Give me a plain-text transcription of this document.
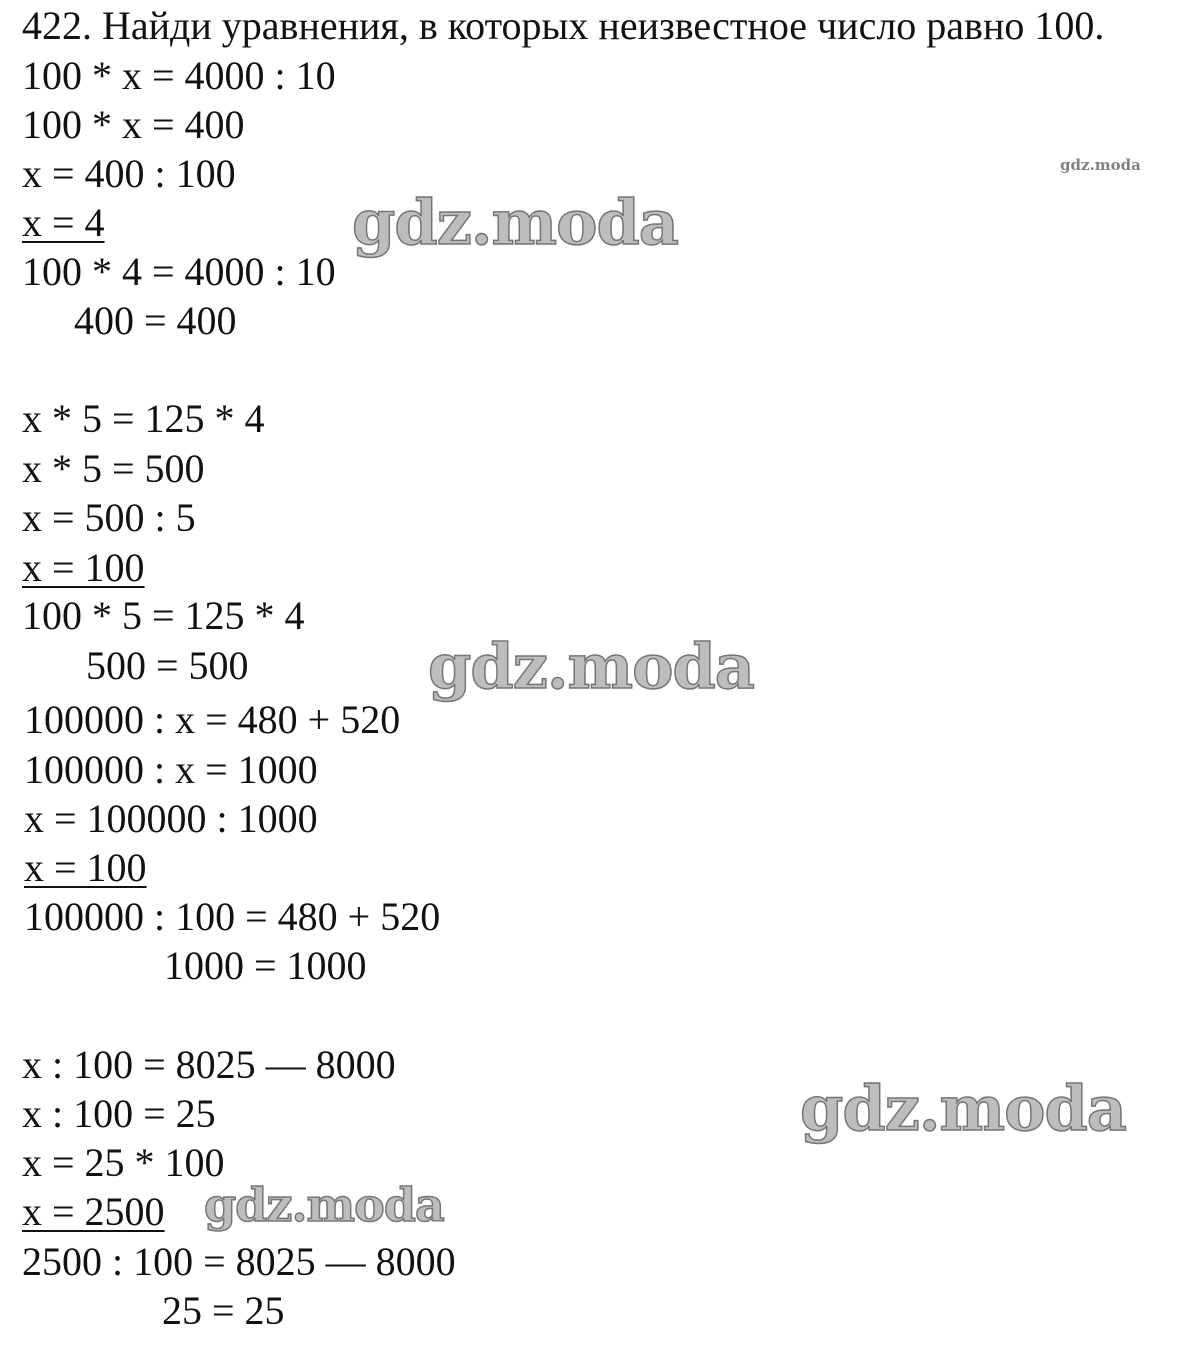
422. Найди уравнения, в которых неизвестное число равно 100.
100 * x = 4000 : 10
100 * x = 400
x = 400 : 100
x = 4
100 * 4 = 4000 : 10
400 = 400
x * 5 = 125 * 4
x * 5 = 500
x = 500 : 5
x = 100
100 * 5 = 125 * 4
500 = 500
100000 : x = 480 + 520
100000 : x = 1000
x = 100000 : 1000
x = 100
100000 : 100 = 480 + 520
1000 = 1000
x : 100 = 8025 — 8000
x : 100 = 25
x = 25 * 100
x = 2500
2500 : 100 = 8025 — 8000
25 = 25
gdz.moda
gdz.moda
gdz.moda
gdz.moda
gdz.moda
